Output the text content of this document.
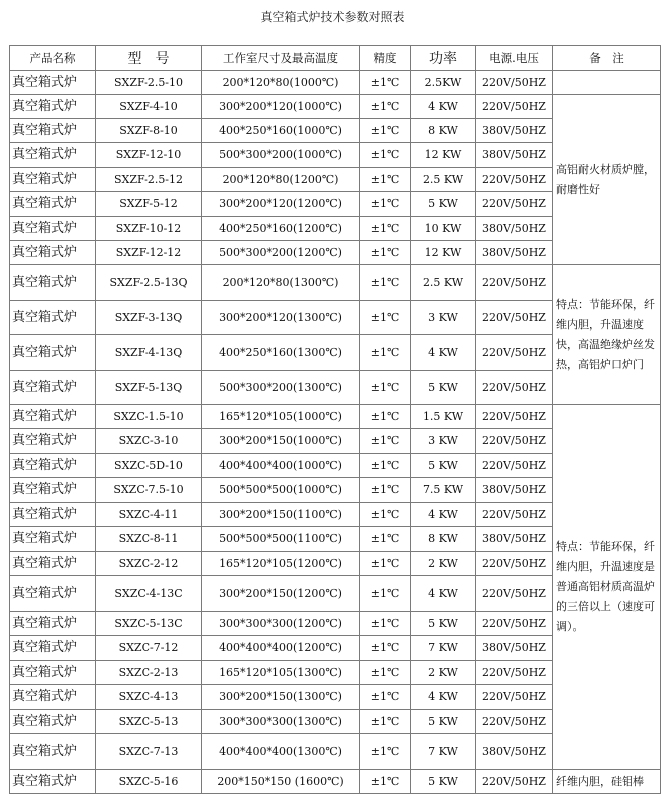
真空箱式炉技术参数对照表
产品名称	型　号	工作室尺寸及最高温度	精度	功率	电源.电压	备　注
真空箱式炉	SXZF-2.5-10	200*120*80(1000℃)	±1℃	2.5KW	220V/50HZ	
真空箱式炉	SXZF-4-10	300*200*120(1000℃)	±1℃	4 KW	220V/50HZ	高铝耐火材质炉膛，耐磨性好
真空箱式炉	SXZF-8-10	400*250*160(1000℃)	±1℃	8 KW	380V/50HZ	
真空箱式炉	SXZF-12-10	500*300*200(1000℃)	±1℃	12 KW	380V/50HZ	
真空箱式炉	SXZF-2.5-12	200*120*80(1200℃)	±1℃	2.5 KW	220V/50HZ	
真空箱式炉	SXZF-5-12	300*200*120(1200℃)	±1℃	5 KW	220V/50HZ	
真空箱式炉	SXZF-10-12	400*250*160(1200℃)	±1℃	10 KW	380V/50HZ	
真空箱式炉	SXZF-12-12	500*300*200(1200℃)	±1℃	12 KW	380V/50HZ	
真空箱式炉	SXZF-2.5-13Q	200*120*80(1300℃)	±1℃	2.5 KW	220V/50HZ	特点：节能环保，纤维内胆，升温速度快，高温绝缘炉丝发热，高铝炉口炉门
真空箱式炉	SXZF-3-13Q	300*200*120(1300℃)	±1℃	3 KW	220V/50HZ	
真空箱式炉	SXZF-4-13Q	400*250*160(1300℃)	±1℃	4 KW	220V/50HZ	
真空箱式炉	SXZF-5-13Q	500*300*200(1300℃)	±1℃	5 KW	220V/50HZ	
真空箱式炉	SXZC-1.5-10	165*120*105(1000℃)	±1℃	1.5 KW	220V/50HZ	特点：节能环保，纤维内胆，升温速度是普通高铝材质高温炉的三倍以上（速度可调）。
真空箱式炉	SXZC-3-10	300*200*150(1000℃)	±1℃	3 KW	220V/50HZ	
真空箱式炉	SXZC-5D-10	400*400*400(1000℃)	±1℃	5 KW	220V/50HZ	
真空箱式炉	SXZC-7.5-10	500*500*500(1000℃)	±1℃	7.5 KW	380V/50HZ	
真空箱式炉	SXZC-4-11	300*200*150(1100℃)	±1℃	4 KW	220V/50HZ	
真空箱式炉	SXZC-8-11	500*500*500(1100℃)	±1℃	8 KW	380V/50HZ	
真空箱式炉	SXZC-2-12	165*120*105(1200℃)	±1℃	2 KW	220V/50HZ	
真空箱式炉	SXZC-4-13C	300*200*150(1200℃)	±1℃	4 KW	220V/50HZ	
真空箱式炉	SXZC-5-13C	300*300*300(1200℃)	±1℃	5 KW	220V/50HZ	
真空箱式炉	SXZC-7-12	400*400*400(1200℃)	±1℃	7 KW	380V/50HZ	
真空箱式炉	SXZC-2-13	165*120*105(1300℃)	±1℃	2 KW	220V/50HZ	
真空箱式炉	SXZC-4-13	300*200*150(1300℃)	±1℃	4 KW	220V/50HZ	
真空箱式炉	SXZC-5-13	300*300*300(1300℃)	±1℃	5 KW	220V/50HZ	
真空箱式炉	SXZC-7-13	400*400*400(1300℃)	±1℃	7 KW	380V/50HZ	
真空箱式炉	SXZC-5-16	200*150*150 (1600℃)	±1℃	5 KW	220V/50HZ	纤维内胆，硅钼棒
